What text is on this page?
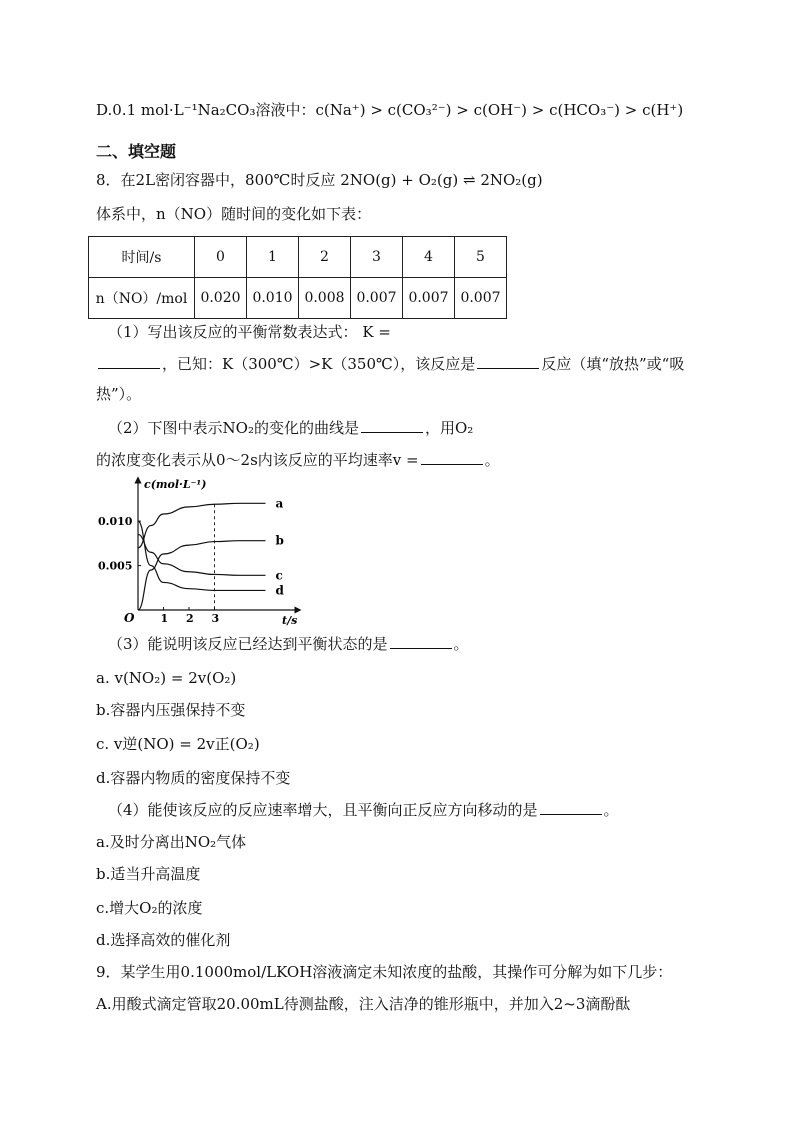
D.0.1 mol·L⁻¹Na₂CO₃溶液中：c(Na⁺) > c(CO₃²⁻) > c(OH⁻) > c(HCO₃⁻) > c(H⁺)
二、填空题
8．在2L密闭容器中，800℃时反应 2NO(g) + O₂(g) ⇌ 2NO₂(g)
体系中，n（NO）随时间的变化如下表：
时间/s	0	1	2	3	4	5
n（NO）/mol	0.020	0.010	0.008	0.007	0.007	0.007
（1）写出该反应的平衡常数表达式： K =
，已知：K（300℃）>K（350℃），该反应是	反应（填“放热”或“吸
热”）。
（2）下图中表示NO₂的变化的曲线是	，用O₂
的浓度变化表示从0～2s内该反应的平均速率v =	。
c(mol·L⁻¹)
t/s
O 1 2 3
0.010
0.005
a
b
c
d
（3）能说明该反应已经达到平衡状态的是	。
a. v(NO₂) = 2v(O₂)
b.容器内压强保持不变
c. v逆(NO) = 2v正(O₂)
d.容器内物质的密度保持不变
（4）能使该反应的反应速率增大，且平衡向正反应方向移动的是	。
a.及时分离出NO₂气体
b.适当升高温度
c.增大O₂的浓度
d.选择高效的催化剂
9．某学生用0.1000mol/LKOH溶液滴定未知浓度的盐酸，其操作可分解为如下几步：
A.用酸式滴定管取20.00mL待测盐酸，注入洁净的锥形瓶中，并加入2~3滴酚酞
